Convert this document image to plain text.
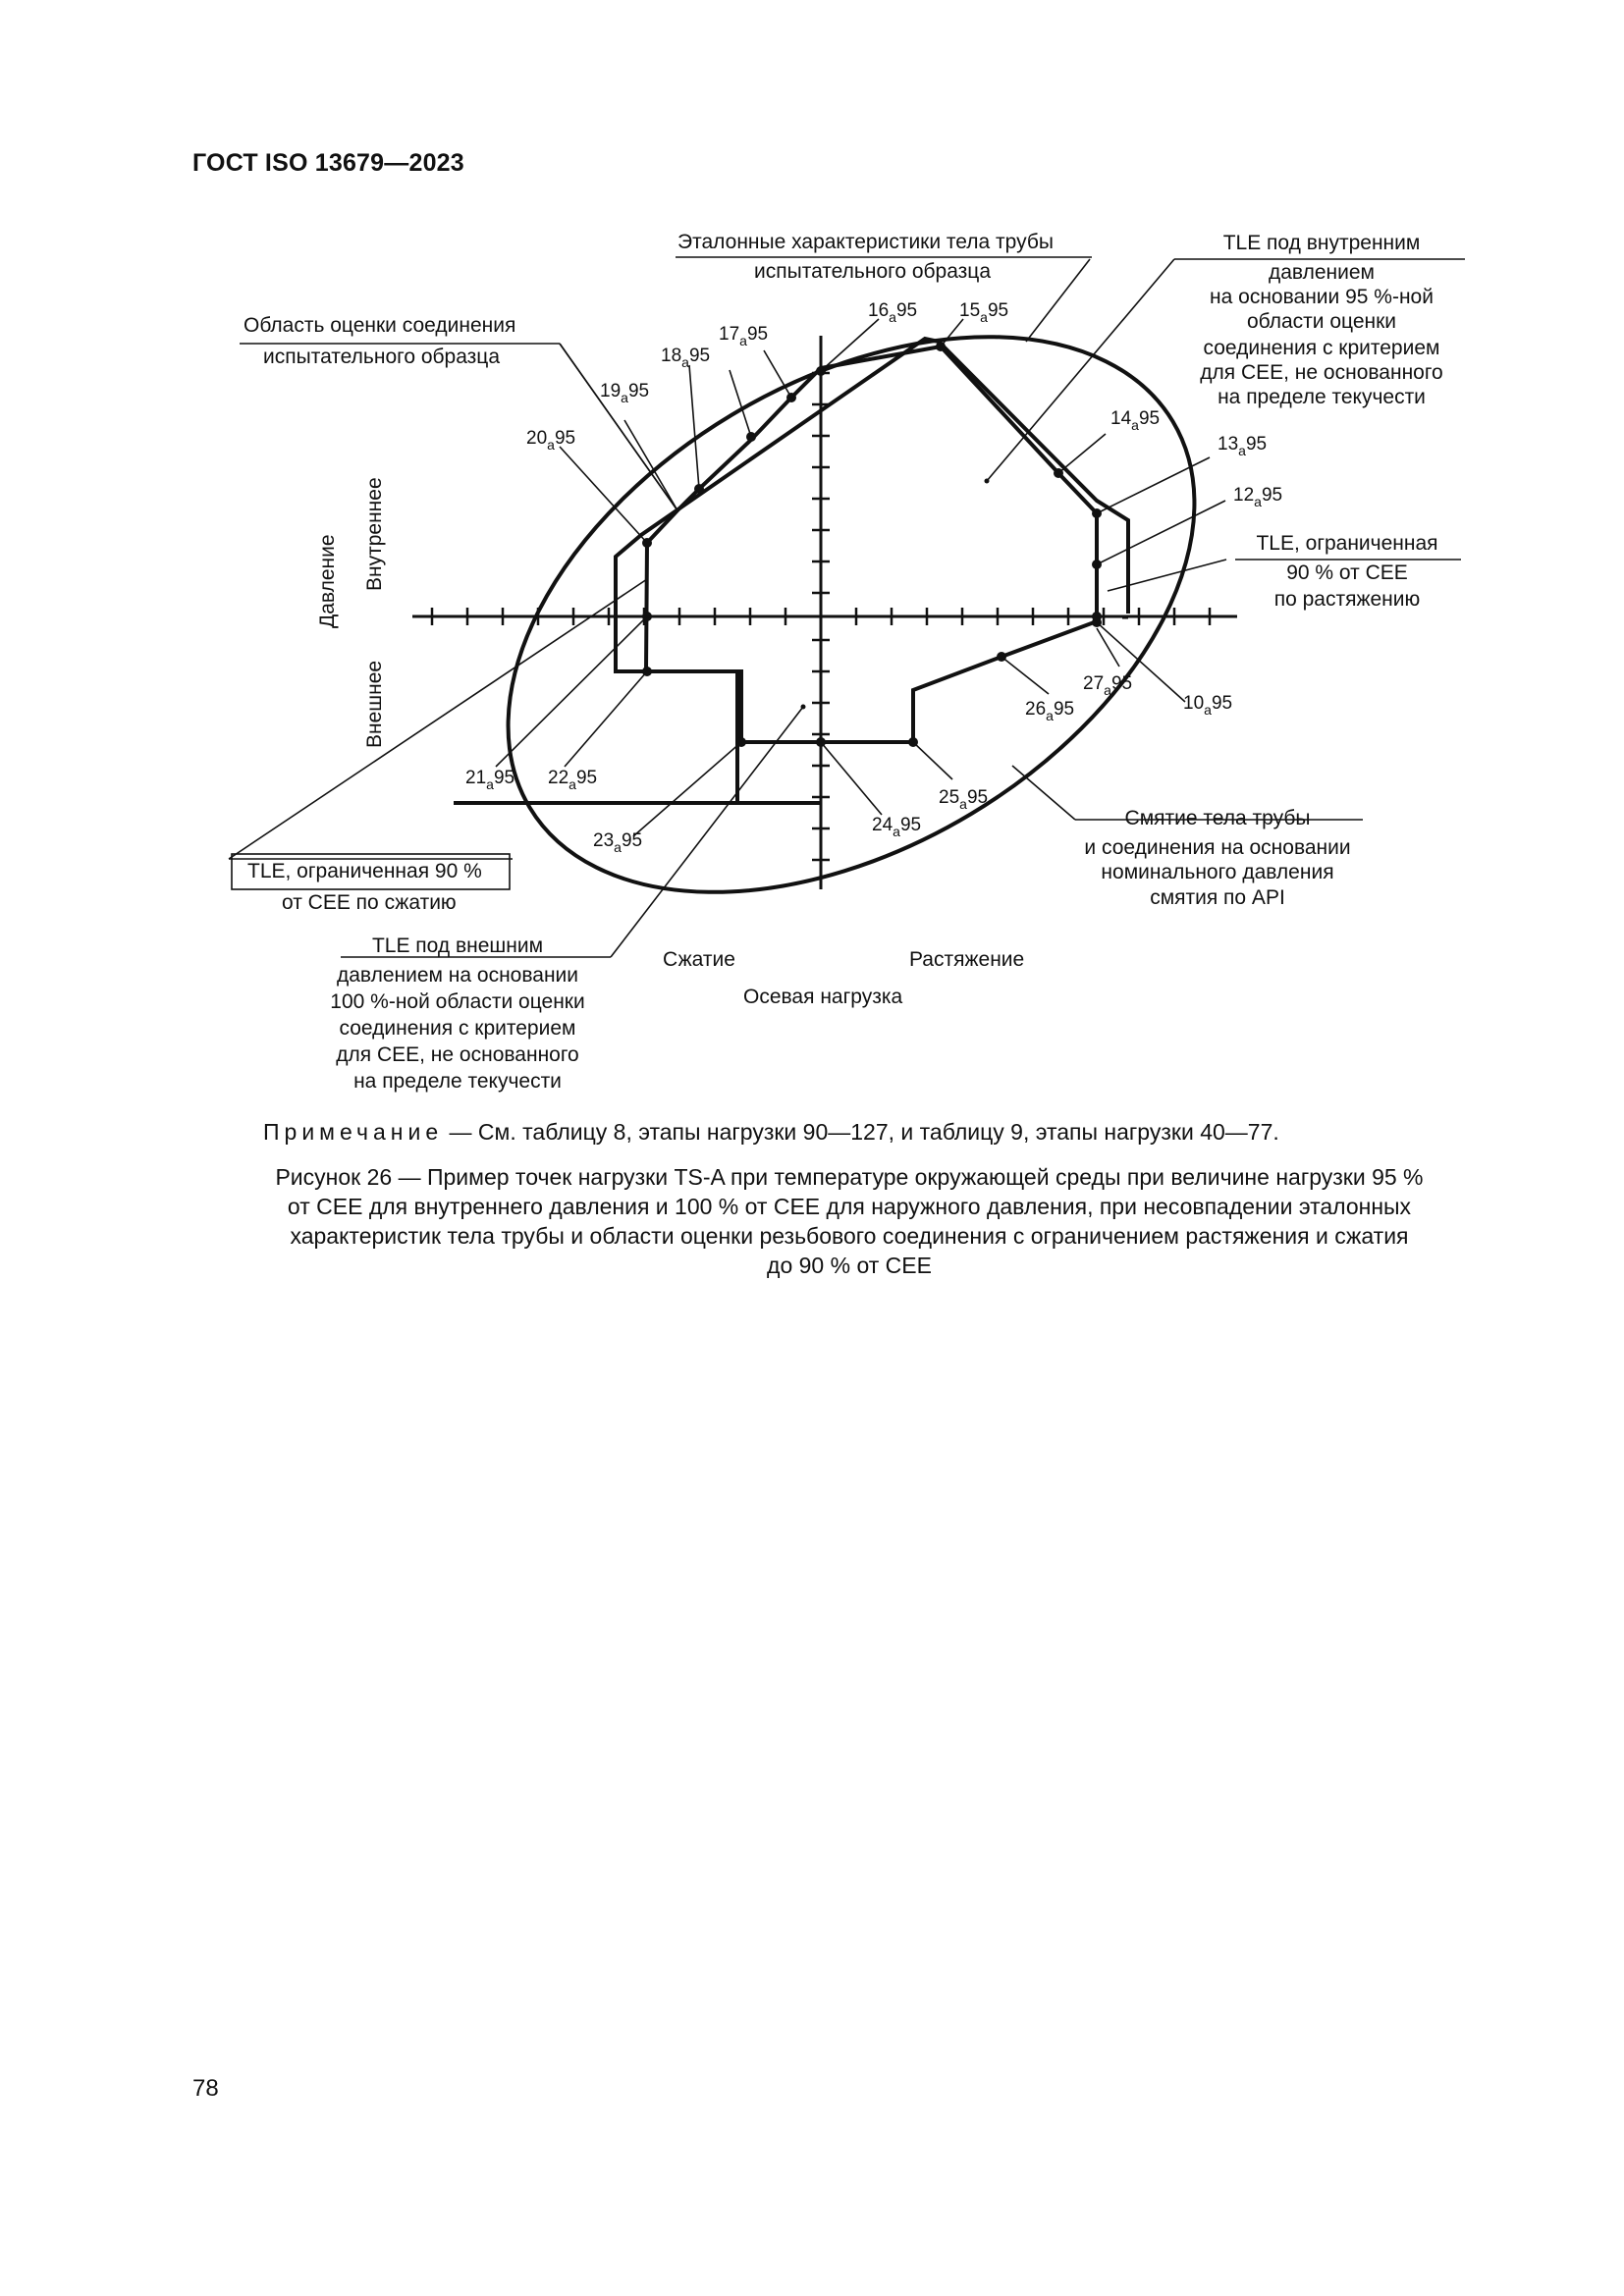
ГОСТ ISO 13679—2023
Эталонные характеристики тела трубы
испытательного образца
Область оценки соединения
испытательного образца
TLE под внутренним
давлением
на основании 95 %-ной
области оценки
соединения с критерием
для CEE, не основанного
на пределе текучести
TLE, ограниченная
90 % от CEE
по растяжению
TLE, ограниченная 90 %
от CEE по сжатию
TLE под внешним
давлением на основании
100 %-ной области оценки
соединения с критерием
для CEE, не основанного
на пределе текучести
Смятие тела трубы
и соединения на основании
номинального давления
смятия по API
Давление Внутреннее
Внешнее
Сжатие	Растяжение
Осевая нагрузка
$10_a95$
$12_a95$
$13_a95$
$14_a95$
$15_a95$
$16_a95$
$17_a95$
$18_a95$
$19_a95$
$20_a95$
$21_a95$ $22_a95$
$23_a95$
$24_a95$
$25_a95$
$26_a95$
$27_a95$
Примечание — См. таблицу 8, этапы нагрузки 90—127, и таблицу 9, этапы нагрузки 40—77.
Рисунок 26 — Пример точек нагрузки TS-A при температуре окружающей среды при величине нагрузки 95 %
от CEE для внутреннего давления и 100 % от CEE для наружного давления, при несовпадении эталонных
характеристик тела трубы и области оценки резьбового соединения с ограничением растяжения и сжатия
до 90 % от CEE
78
